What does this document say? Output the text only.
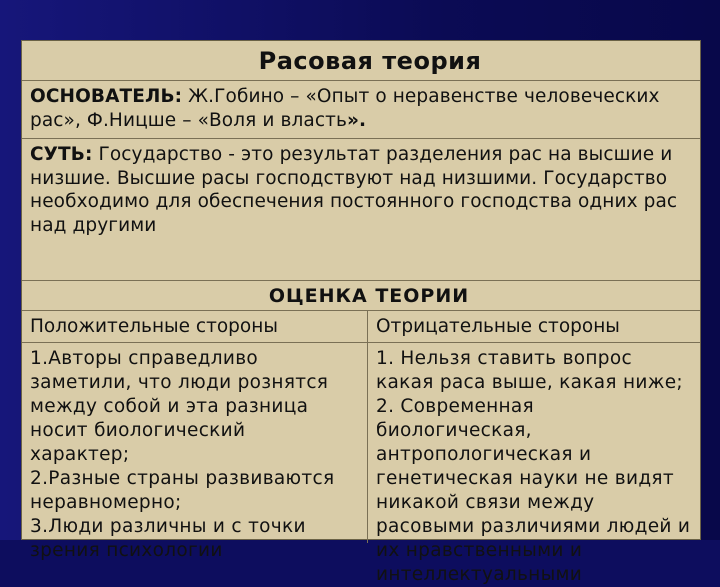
Расовая теория
ОСНОВАТЕЛЬ: Ж.Гобино – «Опыт о неравенстве человеческих рас», Ф.Ницше – «Воля и власть».
СУТЬ: Государство - это результат разделения рас на высшие и низшие. Высшие расы господствуют над низшими. Государство необходимо для обеспечения постоянного господства одних рас над другими
ОЦЕНКА ТЕОРИИ
Положительные стороны	Отрицательные стороны
1.Авторы справедливо
заметили, что люди рознятся
между собой и эта разница
носит биологический
характер;
2.Разные страны развиваются
неравномерно;
3.Люди различны и с точки
зрения психологии
1. Нельзя ставить вопрос
какая раса выше, какая ниже;
2. Современная
биологическая,
антропологическая и
генетическая науки не видят
никакой связи между
расовыми различиями людей и
их нравственными и
интеллектуальными
